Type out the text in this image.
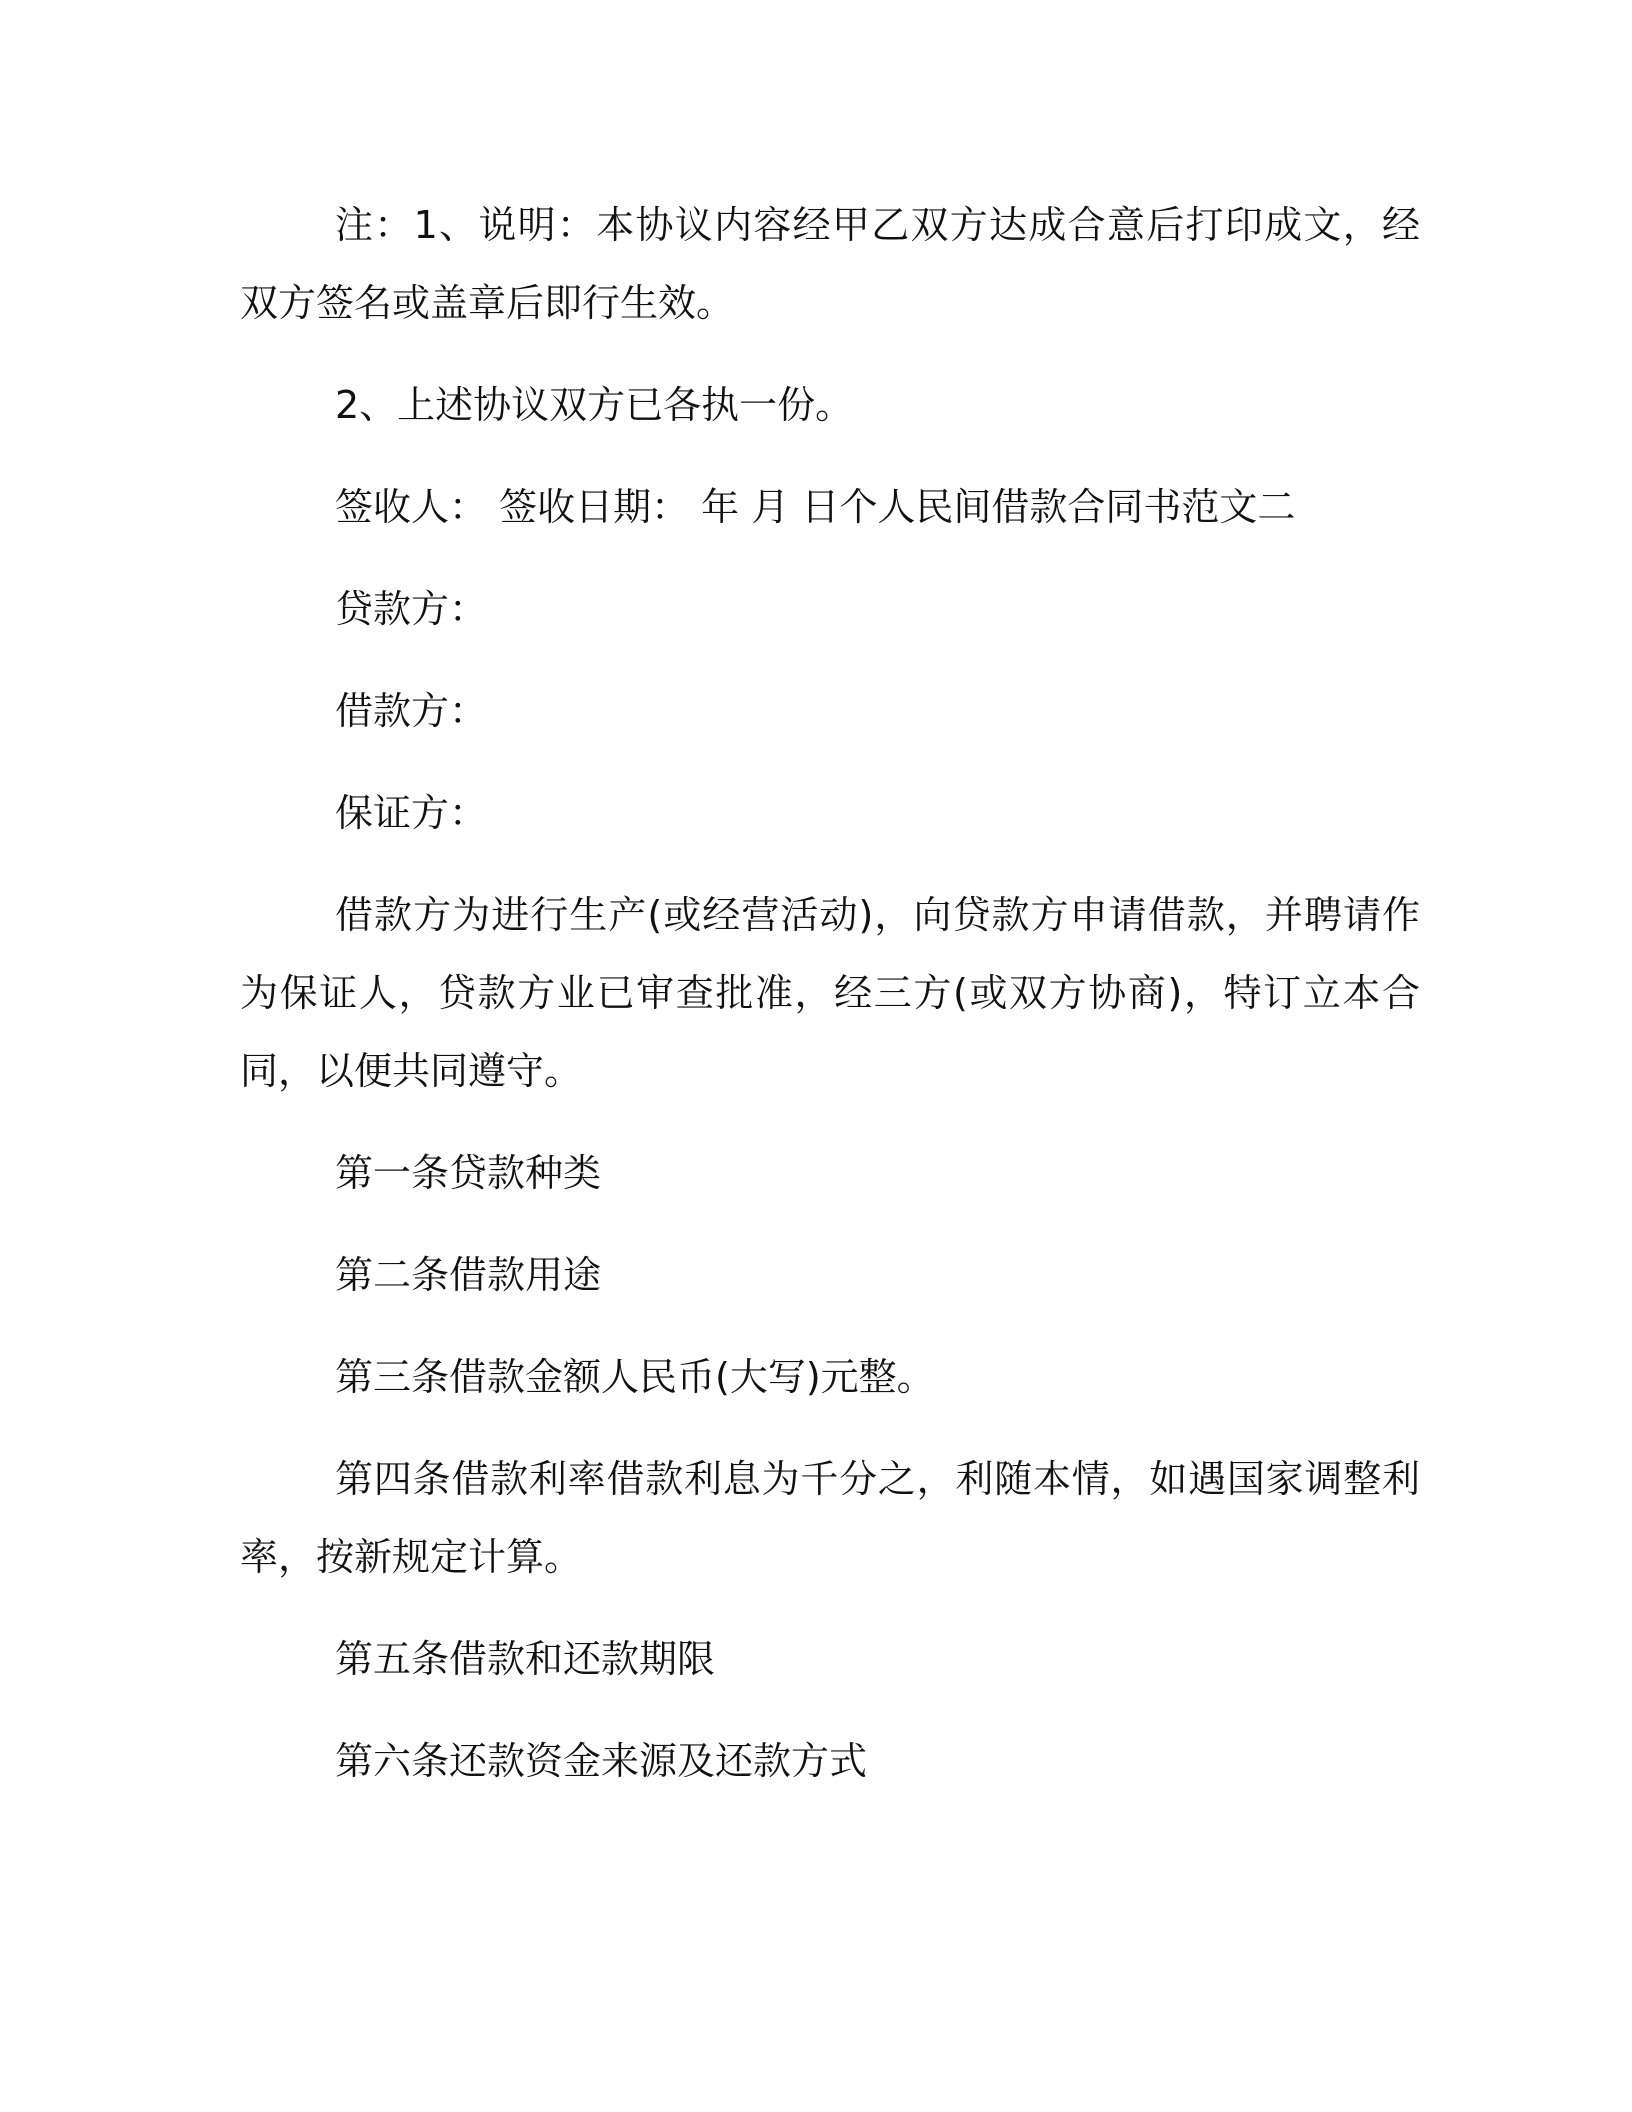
注：1、说明：本协议内容经甲乙双方达成合意后打印成文，经双方签名或盖章后即行生效。

2、上述协议双方已各执一份。

签收人： 签收日期： 年 月 日个人民间借款合同书范文二

贷款方：

借款方：

保证方：

借款方为进行生产(或经营活动)，向贷款方申请借款，并聘请作为保证人，贷款方业已审查批准，经三方(或双方协商)，特订立本合同，以便共同遵守。

第一条贷款种类

第二条借款用途

第三条借款金额人民币(大写)元整。

第四条借款利率借款利息为千分之，利随本情，如遇国家调整利率，按新规定计算。

第五条借款和还款期限

第六条还款资金来源及还款方式
